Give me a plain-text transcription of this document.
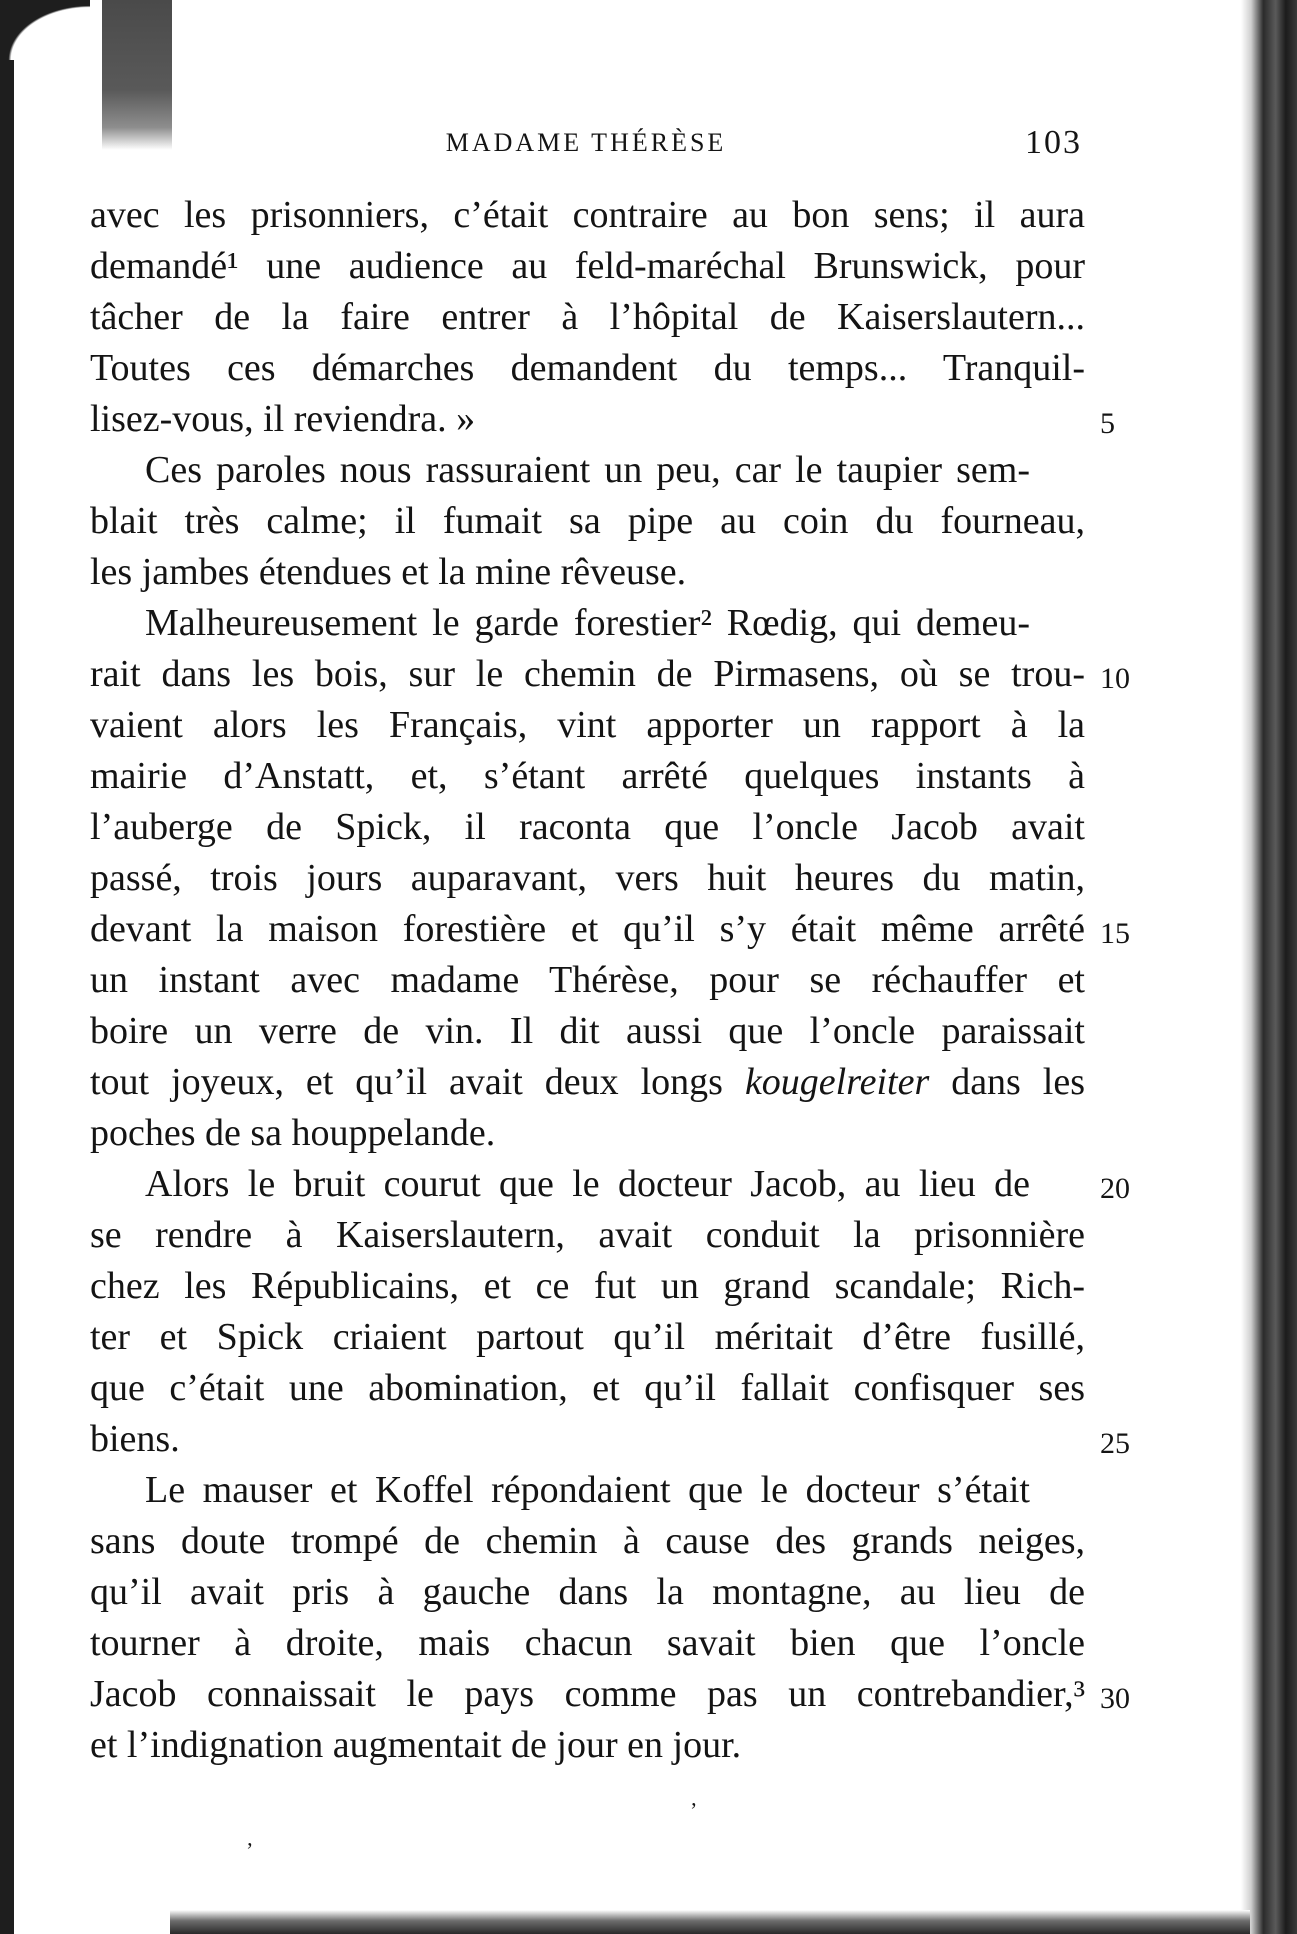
MADAME THÉRÈSE	103
avec les prisonniers, c’était contraire au bon sens; il aura
demandé¹ une audience au feld-maréchal Brunswick, pour
tâcher de la faire entrer à l’hôpital de Kaiserslautern...
Toutes ces démarches demandent du temps... Tranquil-
lisez-vous, il reviendra. »	5
Ces paroles nous rassuraient un peu, car le taupier sem-
blait très calme; il fumait sa pipe au coin du fourneau,
les jambes étendues et la mine rêveuse.
Malheureusement le garde forestier² Rœdig, qui demeu-
rait dans les bois, sur le chemin de Pirmasens, où se trou- 10
vaient alors les Français, vint apporter un rapport à la
mairie d’Anstatt, et, s’étant arrêté quelques instants à
l’auberge de Spick, il raconta que l’oncle Jacob avait
passé, trois jours auparavant, vers huit heures du matin,
devant la maison forestière et qu’il s’y était même arrêté 15
un instant avec madame Thérèse, pour se réchauffer et
boire un verre de vin. Il dit aussi que l’oncle paraissait
tout joyeux, et qu’il avait deux longs kougelreiter dans les
poches de sa houppelande.
Alors le bruit courut que le docteur Jacob, au lieu de 20
se rendre à Kaiserslautern, avait conduit la prisonnière
chez les Républicains, et ce fut un grand scandale; Rich-
ter et Spick criaient partout qu’il méritait d’être fusillé,
que c’était une abomination, et qu’il fallait confisquer ses
biens.	25
Le mauser et Koffel répondaient que le docteur s’était
sans doute trompé de chemin à cause des grands neiges,
qu’il avait pris à gauche dans la montagne, au lieu de
tourner à droite, mais chacun savait bien que l’oncle
Jacob connaissait le pays comme pas un contrebandier,³ 30
et l’indignation augmentait de jour en jour.
ʼ
ʼ
